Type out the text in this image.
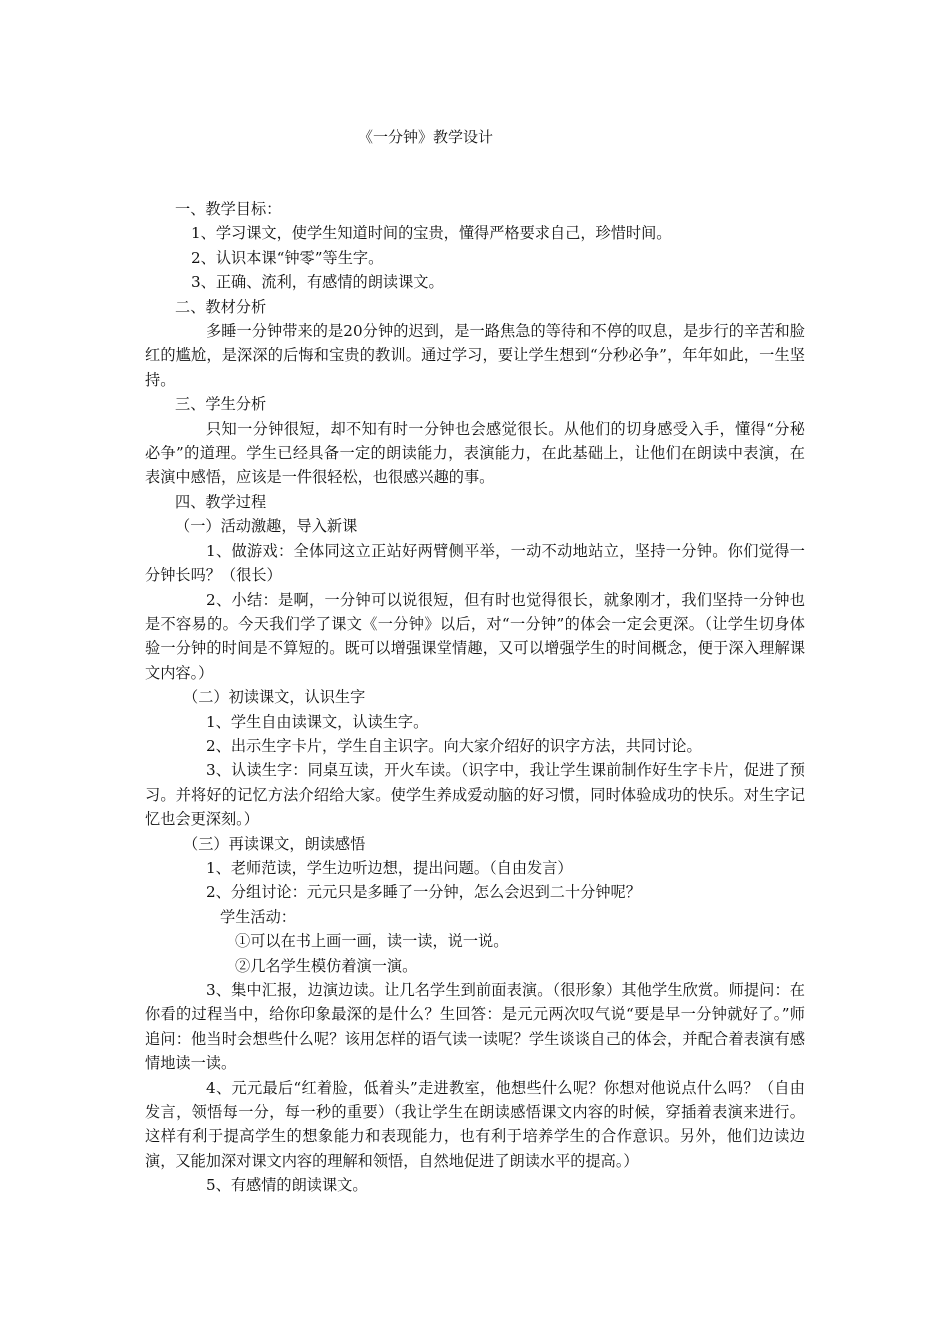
《一分钟》教学设计

一、教学目标：

1、学习课文，使学生知道时间的宝贵，懂得严格要求自己，珍惜时间。

2、认识本课“钟零”等生字。

3、正确、流利，有感情的朗读课文。

二、教材分析

多睡一分钟带来的是20分钟的迟到，是一路焦急的等待和不停的叹息，是步行的辛苦和脸红的尴尬，是深深的后悔和宝贵的教训。通过学习，要让学生想到“分秒必争”，年年如此，一生坚持。

三、学生分析

只知一分钟很短，却不知有时一分钟也会感觉很长。从他们的切身感受入手，懂得“分秘必争”的道理。学生已经具备一定的朗读能力，表演能力，在此基础上，让他们在朗读中表演，在表演中感悟，应该是一件很轻松，也很感兴趣的事。

四、教学过程

（一）活动激趣，导入新课

1、做游戏：全体同这立正站好两臂侧平举，一动不动地站立，坚持一分钟。你们觉得一分钟长吗？（很长）

2、小结：是啊，一分钟可以说很短，但有时也觉得很长，就象刚才，我们坚持一分钟也是不容易的。今天我们学了课文《一分钟》以后，对“一分钟”的体会一定会更深。（让学生切身体验一分钟的时间是不算短的。既可以增强课堂情趣，又可以增强学生的时间概念，便于深入理解课文内容。）

（二）初读课文，认识生字

1、学生自由读课文，认读生字。

2、出示生字卡片，学生自主识字。向大家介绍好的识字方法，共同讨论。

3、认读生字：同桌互读，开火车读。（识字中，我让学生课前制作好生字卡片，促进了预习。并将好的记忆方法介绍给大家。使学生养成爱动脑的好习惯，同时体验成功的快乐。对生字记忆也会更深刻。）

（三）再读课文，朗读感悟

1、老师范读，学生边听边想，提出问题。（自由发言）

2、分组讨论：元元只是多睡了一分钟，怎么会迟到二十分钟呢？

学生活动：

①可以在书上画一画，读一读，说一说。

②几名学生模仿着演一演。

3、集中汇报，边演边读。让几名学生到前面表演。（很形象）其他学生欣赏。师提问：在你看的过程当中，给你印象最深的是什么？生回答：是元元两次叹气说“要是早一分钟就好了。”师追问：他当时会想些什么呢？该用怎样的语气读一读呢？学生谈谈自己的体会，并配合着表演有感情地读一读。

4、元元最后“红着脸，低着头”走进教室，他想些什么呢？你想对他说点什么吗？（自由发言，领悟每一分，每一秒的重要）（我让学生在朗读感悟课文内容的时候，穿插着表演来进行。这样有利于提高学生的想象能力和表现能力，也有利于培养学生的合作意识。另外，他们边读边演，又能加深对课文内容的理解和领悟，自然地促进了朗读水平的提高。）

5、有感情的朗读课文。
